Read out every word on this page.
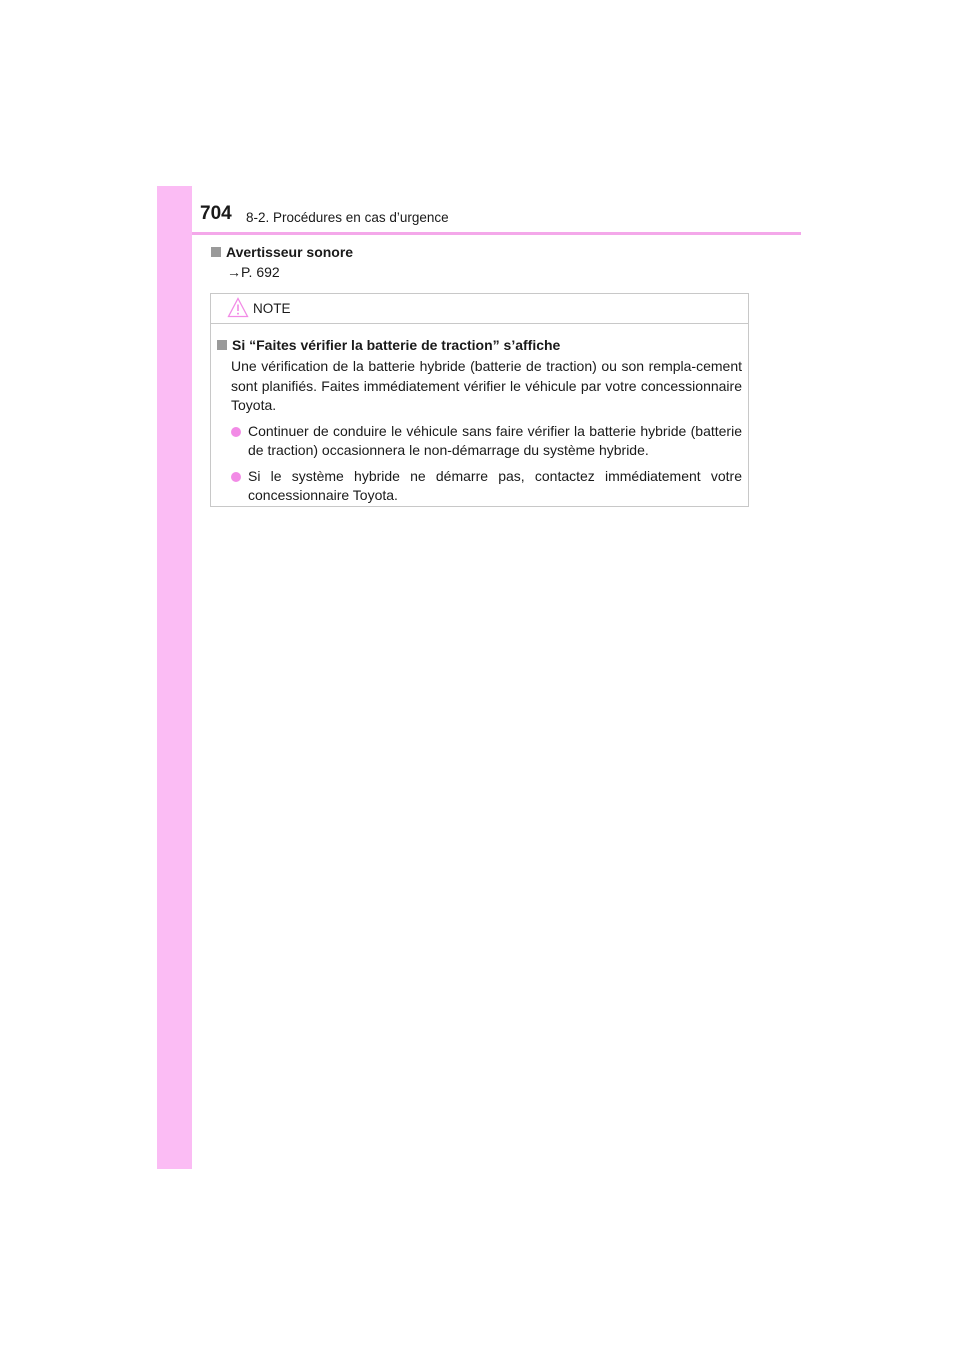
704 8-2. Procédures en cas d’urgence
Avertisseur sonore
→P. 692
NOTE
Si “Faites vérifier la batterie de traction” s’affiche
Une vérification de la batterie hybride (batterie de traction) ou son rempla-cement sont planifiés. Faites immédiatement vérifier le véhicule par votre concessionnaire Toyota.
Continuer de conduire le véhicule sans faire vérifier la batterie hybride (batterie de traction) occasionnera le non-démarrage du système hybride.
Si le système hybride ne démarre pas, contactez immédiatement votre concessionnaire Toyota.
